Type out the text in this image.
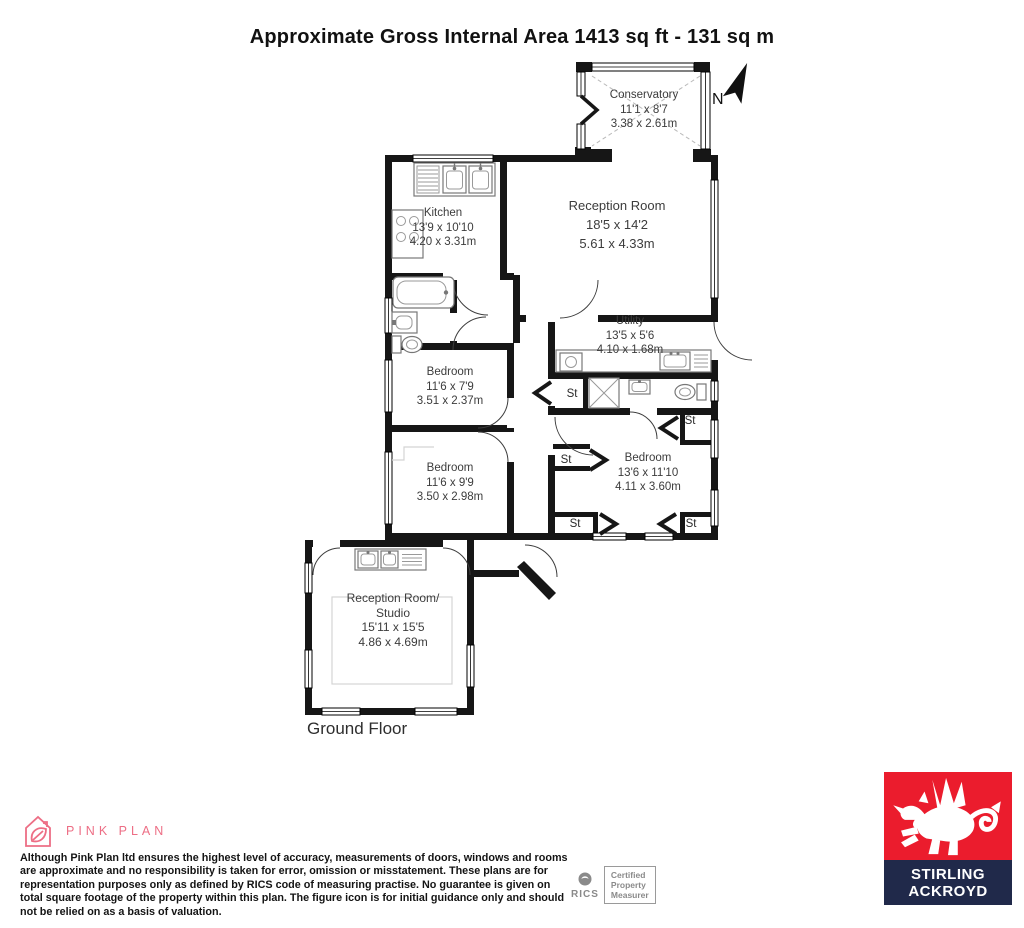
Approximate Gross Internal Area 1413 sq ft - 131 sq m
Conservatory
11'1 x 8'7
3.38 x 2.61m
Reception Room
18'5 x 14'2
5.61 x 4.33m
Kitchen
13'9 x 10'10
4.20 x 3.31m
Utility
13'5 x 5'6
4.10 x 1.68m
Bedroom
11'6 x 7'9
3.51 x 2.37m
Bedroom
11'6 x 9'9
3.50 x 2.98m
Bedroom
13'6 x 11'10
4.11 x 3.60m
Reception Room/
Studio
15'11 x 15'5
4.86 x 4.69m
St
St
St
St	St
N
Ground Floor
PINK PLAN
Although Pink Plan ltd ensures the highest level of accuracy, measurements of doors, windows and rooms are approximate and no responsibility is taken for error, omission or misstatement. These plans are for representation purposes only as defined by RICS code of measuring practise. No guarantee is given on total square footage of the property within this plan. The figure icon is for initial guidance only and should not be relied on as a basis of valuation.
RICS
Certified
Property
Measurer
STIRLING
ACKROYD
